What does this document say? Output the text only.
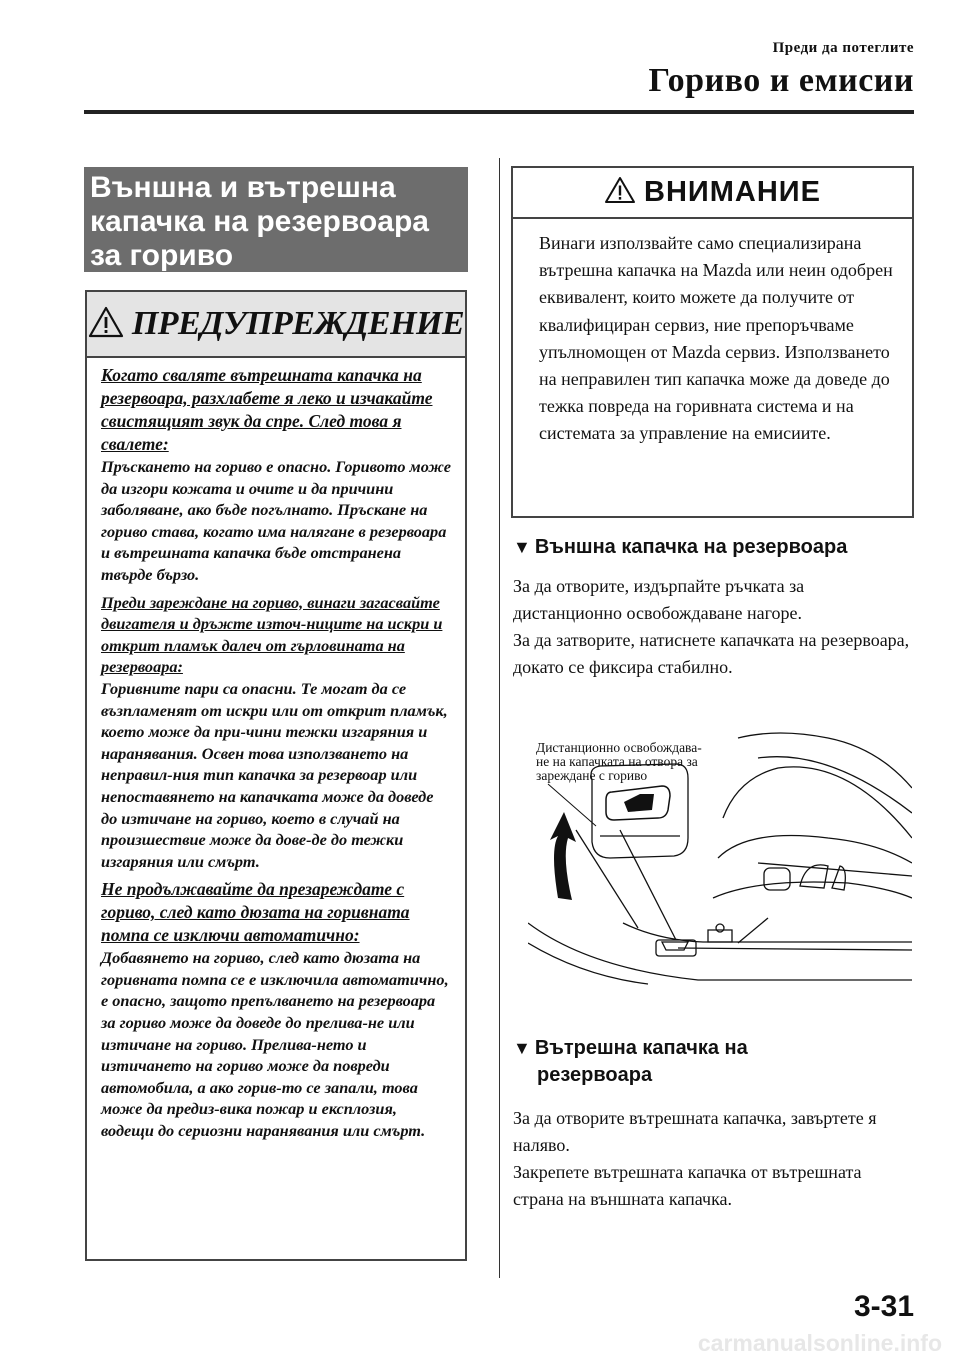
Преди да потеглите
Гориво и емисии
Външна и вътрешна
капачка на резервоара
за гориво
ПРЕДУПРЕЖДЕНИЕ

Когато сваляте вътрешната капачка на резервоара, разхлабете я леко и изчакайте свистящият звук да спре. След това я свалете:
Пръскането на гориво е опасно. Горивото може да изгори кожата и очите и да причини заболяване, ако бъде погълнато. Пръскане на гориво става, когато има налягане в резервоара и вътрешната капачка бъде отстранена твърде бързо.

Преди зареждане на гориво, винаги загасвайте двигателя и дръжте източ-ниците на искри и открит пламък далеч от гърловината на резервоара:
Горивните пари са опасни. Те могат да се възпламенят от искри или от открит пламък, което може да при-чини тежки изгаряния и наранявания. Освен това използването на неправил-ния тип капачка за резервоар или непоставянето на капачката може да доведе до изтичане на гориво, което в случай на произшествие може да дове-де до тежки изгаряния или смърт.

Не продължавайте да презареждате с гориво, след като дюзата на горивната помпа се изключи автоматично:
Добавянето на гориво, след като дюзата на горивната помпа се е изключила автоматично, е опасно, защото препълването на резервоара за гориво може да доведе до прелива-не или изтичане на гориво. Прелива-нето и изтичането на гориво може да повреди автомобила, а ако горив-то се запали, това може да предиз-вика пожар и експлозия, водещи до сериозни наранявания или смърт.

ВНИМАНИЕ
Винаги използвайте само специализирана вътрешна капачка на Mazda или неин одобрен еквивалент, които можете да получите от квалифициран сервиз, ние препоръчваме упълномощен от Mazda сервиз. Използването на неправилен тип капачка може да доведе до тежка повреда на горивната система и на системата за управление на емисиите.
▼ Външна капачка на резервоара
За да отворите, издърпайте ръчката за дистанционно освобождаване нагоре.
За да затворите, натиснете капачката на резервоара, докато се фиксира стабилно.
Дистанционно освобождава-
не на капачката на отвора за
зареждане с гориво
▼ Вътрешна капачка на
резервоара
За да отворите вътрешната капачка, завъртете я наляво.
Закрепете вътрешната капачка от вътрешната страна на външната капачка.
3-31
carmanualsonline.info
